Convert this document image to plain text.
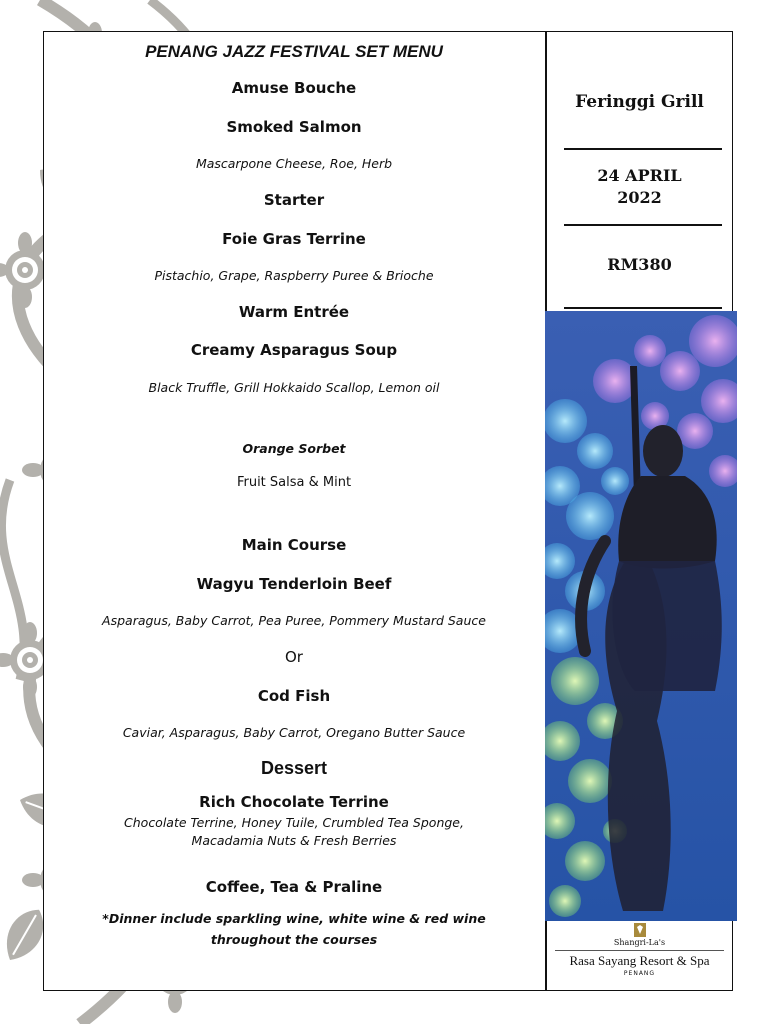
PENANG JAZZ FESTIVAL SET MENU
Amuse Bouche
Smoked Salmon
Mascarpone Cheese, Roe, Herb
Starter
Foie Gras Terrine
Pistachio, Grape, Raspberry Puree & Brioche
Warm Entrée
Creamy Asparagus Soup
Black Truffle, Grill Hokkaido Scallop, Lemon oil
Orange Sorbet
Fruit Salsa & Mint
Main Course
Wagyu Tenderloin Beef
Asparagus, Baby Carrot, Pea Puree, Pommery Mustard Sauce
Or
Cod Fish
Caviar, Asparagus, Baby Carrot, Oregano Butter Sauce
Dessert
Rich Chocolate Terrine
Chocolate Terrine, Honey Tuile, Crumbled Tea Sponge,
Macadamia Nuts & Fresh Berries
Coffee, Tea & Praline
*Dinner include sparkling wine, white wine & red wine
throughout the courses
Feringgi Grill
24 APRIL
2022
RM380
Shangri-La's
Rasa Sayang Resort & Spa
PENANG
